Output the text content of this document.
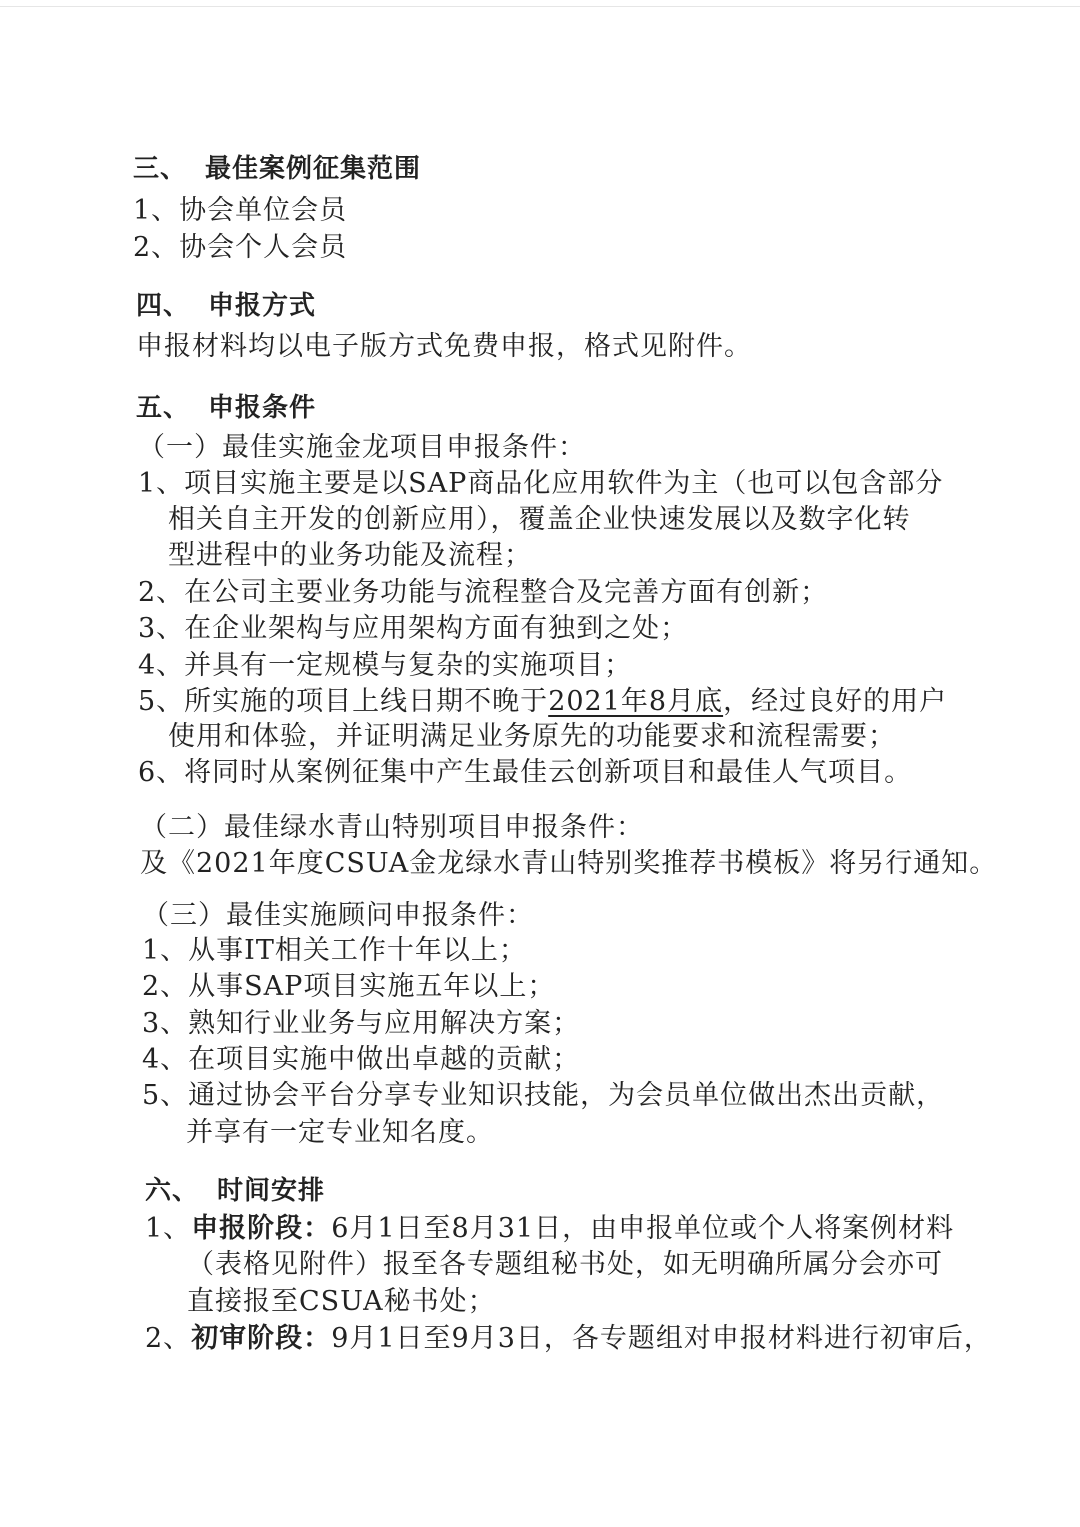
三、 最佳案例征集范围
1、协会单位会员
2、协会个人会员
四、 申报方式
申报材料均以电子版方式免费申报，格式见附件。
五、 申报条件
（一）最佳实施金龙项目申报条件：
1、项目实施主要是以SAP商品化应用软件为主（也可以包含部分
相关自主开发的创新应用），覆盖企业快速发展以及数字化转
型进程中的业务功能及流程；
2、在公司主要业务功能与流程整合及完善方面有创新；
3、在企业架构与应用架构方面有独到之处；
4、并具有一定规模与复杂的实施项目；
5、所实施的项目上线日期不晚于2021年8月底，经过良好的用户
使用和体验，并证明满足业务原先的功能要求和流程需要；
6、将同时从案例征集中产生最佳云创新项目和最佳人气项目。
（二）最佳绿水青山特别项目申报条件：
及《2021年度CSUA金龙绿水青山特别奖推荐书模板》将另行通知。
（三）最佳实施顾问申报条件：
1、从事IT相关工作十年以上；
2、从事SAP项目实施五年以上；
3、熟知行业业务与应用解决方案；
4、在项目实施中做出卓越的贡献；
5、通过协会平台分享专业知识技能，为会员单位做出杰出贡献，
并享有一定专业知名度。
六、 时间安排
1、申报阶段：6月1日至8月31日，由申报单位或个人将案例材料
（表格见附件）报至各专题组秘书处，如无明确所属分会亦可
直接报至CSUA秘书处；
2、初审阶段：9月1日至9月3日，各专题组对申报材料进行初审后，
